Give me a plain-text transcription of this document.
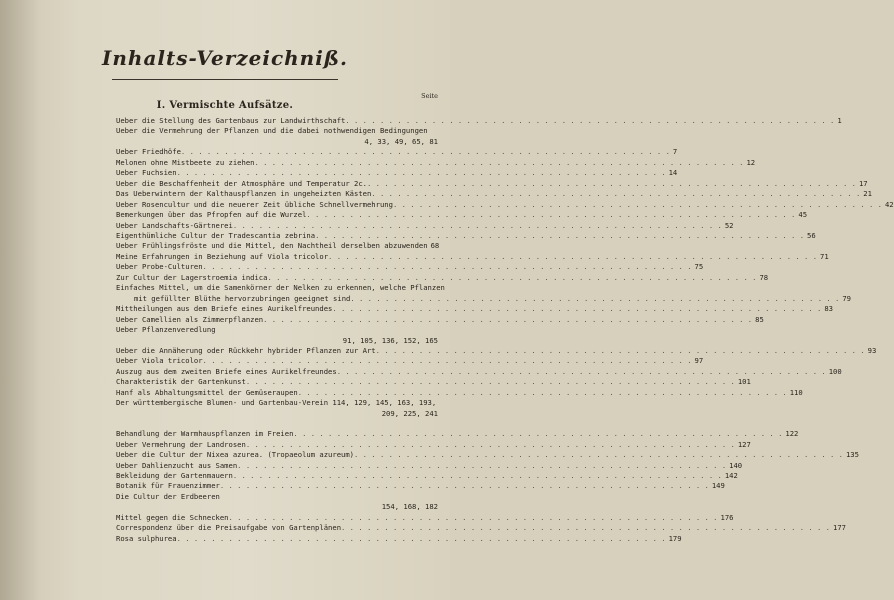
Inhalts-Verzeichniß.
Seite
I. Vermischte Aufsätze.
Ueber die Stellung des Gartenbaus zur Landwirthschaft . . .	1
Ueber die Vermehrung der Pflanzen und die dabei nothwendigen Bedingungen
4, 33, 49, 65, 81
Ueber Friedhöfe . . .	7
Melonen ohne Mistbeete zu ziehen . . .	12
Ueber Fuchsien . . .	14
Ueber die Beschaffenheit der Atmosphäre und Temperatur 2c. . . .	17
Das Ueberwintern der Kalthauspflanzen in ungeheizten Kästen . . .	21
Ueber Rosencultur und die neuerer Zeit übliche Schnellvermehrung . . .	42
Bemerkungen über das Pfropfen auf die Wurzel . . .	45
Ueber Landschafts-Gärtnerei . . .	52
Eigenthümliche Cultur der Tradescantia zebrina . . .	56
Ueber Frühlingsfröste und die Mittel, den Nachtheil derselben abzuwenden 68
Meine Erfahrungen in Beziehung auf Viola tricolor . . .	71
Ueber Probe-Culturen . . .	75
Zur Cultur der Lagerstroemia indica . . .	78
Einfaches Mittel, um die Samenkörner der Nelken zu erkennen, welche Pflanzen
mit gefüllter Blüthe hervorzubringen geeignet sind . . .	79
Mittheilungen aus dem Briefe eines Aurikelfreundes . . .	83
Ueber Camellien als Zimmerpflanzen . . .	85
Ueber Pflanzenveredlung
91, 105, 136, 152, 165
Ueber die Annäherung oder Rückkehr hybrider Pflanzen zur Art . . .	93
Ueber Viola tricolor . . .	97
Auszug aus dem zweiten Briefe eines Aurikelfreundes . . .	100
Charakteristik der Gartenkunst . . .	101
Hanf als Abhaltungsmittel der Gemüseraupen . . .	110
Der württembergische Blumen- und Gartenbau-Verein 114, 129, 145, 163, 193,
209, 225, 241
Behandlung der Warmhauspflanzen im Freien . . .	122
Ueber Vermehrung der Landrosen . . .	127
Ueber die Cultur der Nixea azurea. (Tropaeolum azureum) . . .	135
Ueber Dahlienzucht aus Samen . . .	140
Bekleidung der Gartenmauern . . .	142
Botanik für Frauenzimmer . . .	149
Die Cultur der Erdbeeren
154, 168, 182
Mittel gegen die Schnecken . . .	176
Correspondenz über die Preisaufgabe von Gartenplänen . . .	177
Rosa sulphurea . . .	179
